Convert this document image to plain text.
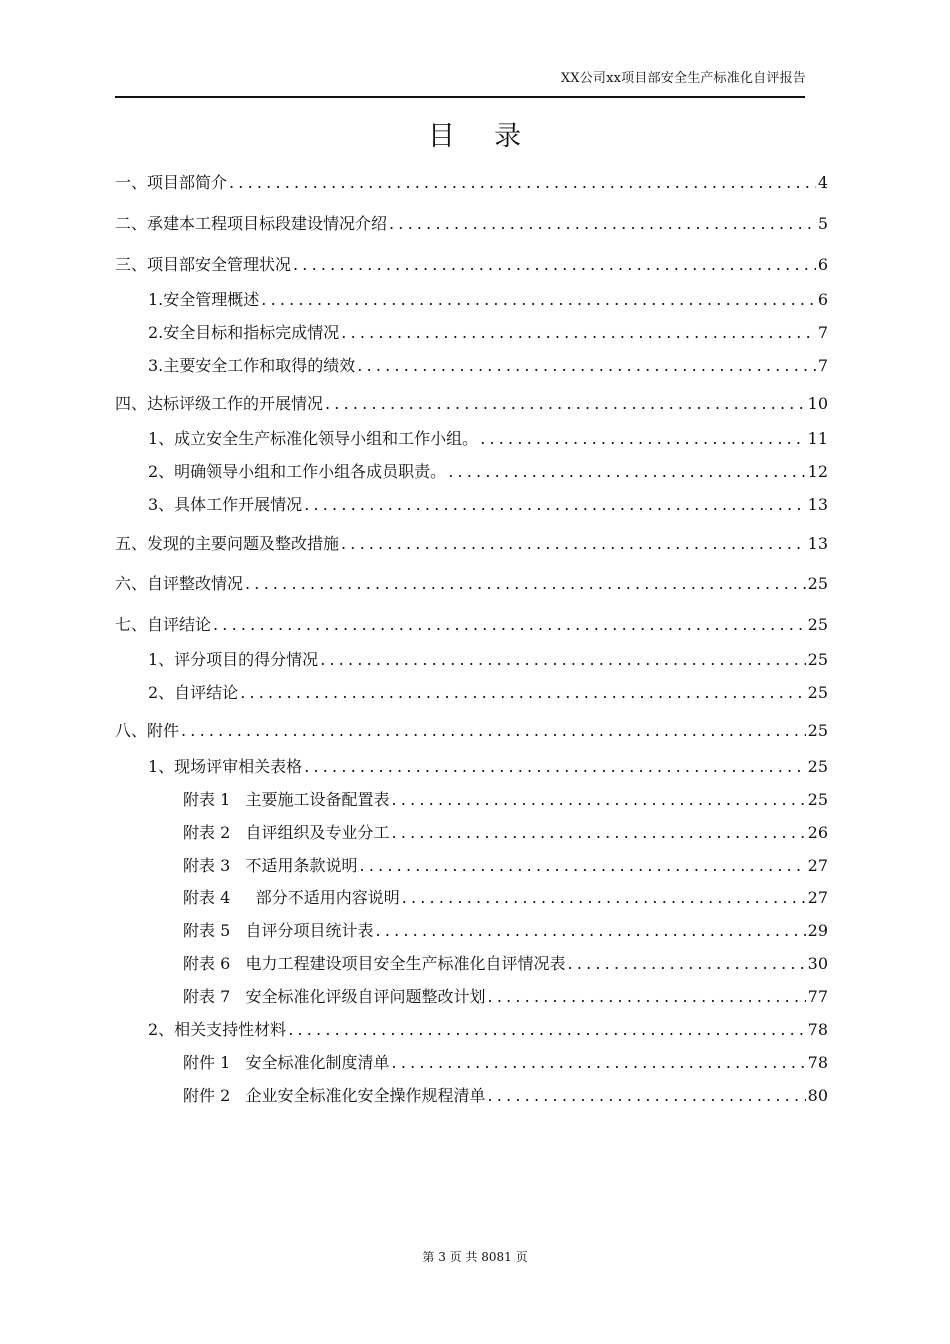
XX公司xx项目部安全生产标准化自评报告
目    录
一、项目部简介 .....	4
二、承建本工程项目标段建设情况介绍 .....	5
三、项目部安全管理状况 .....	6
1.安全管理概述 .....	6
2.安全目标和指标完成情况 .....	7
3.主要安全工作和取得的绩效 .....	7
四、达标评级工作的开展情况 .....	10
1、成立安全生产标准化领导小组和工作小组。 .....	11
2、明确领导小组和工作小组各成员职责。 .....	12
3、具体工作开展情况 .....	13
五、发现的主要问题及整改措施 .....	13
六、自评整改情况 .....	25
七、自评结论 .....	25
1、评分项目的得分情况 .....	25
2、自评结论 .....	25
八、附件 .....	25
1、现场评审相关表格 .....	25
附表 1   主要施工设备配置表 .....	25
附表 2   自评组织及专业分工 .....	26
附表 3   不适用条款说明 .....	27
附表 4     部分不适用内容说明 .....	27
附表 5   自评分项目统计表 .....	29
附表 6   电力工程建设项目安全生产标准化自评情况表 .....	30
附表 7   安全标准化评级自评问题整改计划 .....	77
2、相关支持性材料 .....	78
附件 1   安全标准化制度清单 .....	78
附件 2   企业安全标准化安全操作规程清单 .....	80
第 3 页 共 8081 页
